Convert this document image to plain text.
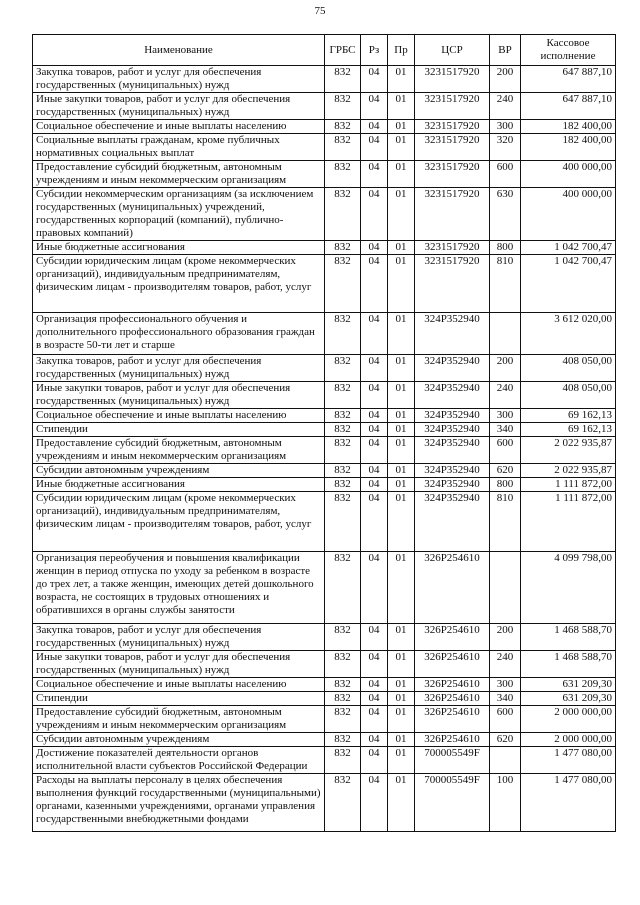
75
Наименование	ГРБС	Рз	Пр	ЦСР	ВР	Кассовое исполнение
Закупка товаров, работ и услуг для обеспечения государственных (муниципальных) нужд	832	04	01	3231517920	200	647 887,10
Иные закупки товаров, работ и услуг для обеспечения государственных (муниципальных) нужд	832	04	01	3231517920	240	647 887,10
Социальное обеспечение и иные выплаты населению	832	04	01	3231517920	300	182 400,00
Социальные выплаты гражданам, кроме публичных нормативных социальных выплат	832	04	01	3231517920	320	182 400,00
Предоставление субсидий бюджетным, автономным учреждениям и иным некоммерческим организациям	832	04	01	3231517920	600	400 000,00
Субсидии некоммерческим организациям (за исключением государственных (муниципальных) учреждений, государственных корпораций (компаний), публично-правовых компаний)	832	04	01	3231517920	630	400 000,00
Иные бюджетные ассигнования	832	04	01	3231517920	800	1 042 700,47
Субсидии юридическим лицам (кроме некоммерческих организаций), индивидуальным предпринимателям, физическим лицам - производителям товаров, работ, услуг	832	04	01	3231517920	810	1 042 700,47
Организация профессионального обучения и дополнительного профессионального образования граждан в возрасте 50-ти лет и старше	832	04	01	324P352940		3 612 020,00
Закупка товаров, работ и услуг для обеспечения государственных (муниципальных) нужд	832	04	01	324P352940	200	408 050,00
Иные закупки товаров, работ и услуг для обеспечения государственных (муниципальных) нужд	832	04	01	324P352940	240	408 050,00
Социальное обеспечение и иные выплаты населению	832	04	01	324P352940	300	69 162,13
Стипендии	832	04	01	324P352940	340	69 162,13
Предоставление субсидий бюджетным, автономным учреждениям и иным некоммерческим организациям	832	04	01	324P352940	600	2 022 935,87
Субсидии автономным учреждениям	832	04	01	324P352940	620	2 022 935,87
Иные бюджетные ассигнования	832	04	01	324P352940	800	1 111 872,00
Субсидии юридическим лицам (кроме некоммерческих организаций), индивидуальным предпринимателям, физическим лицам - производителям товаров, работ, услуг	832	04	01	324P352940	810	1 111 872,00
Организация переобучения и повышения квалификации женщин в период отпуска по уходу за ребенком в возрасте до трех лет, а также женщин, имеющих детей дошкольного возраста, не состоящих в трудовых отношениях и обратившихся в органы службы занятости	832	04	01	326P254610		4 099 798,00
Закупка товаров, работ и услуг для обеспечения государственных (муниципальных) нужд	832	04	01	326P254610	200	1 468 588,70
Иные закупки товаров, работ и услуг для обеспечения государственных (муниципальных) нужд	832	04	01	326P254610	240	1 468 588,70
Социальное обеспечение и иные выплаты населению	832	04	01	326P254610	300	631 209,30
Стипендии	832	04	01	326P254610	340	631 209,30
Предоставление субсидий бюджетным, автономным учреждениям и иным некоммерческим организациям	832	04	01	326P254610	600	2 000 000,00
Субсидии автономным учреждениям	832	04	01	326P254610	620	2 000 000,00
Достижение показателей деятельности органов исполнительной власти субъектов Российской Федерации	832	04	01	700005549F		1 477 080,00
Расходы на выплаты персоналу в целях обеспечения выполнения функций государственными (муниципальными) органами, казенными учреждениями, органами управления государственными внебюджетными фондами	832	04	01	700005549F	100	1 477 080,00
